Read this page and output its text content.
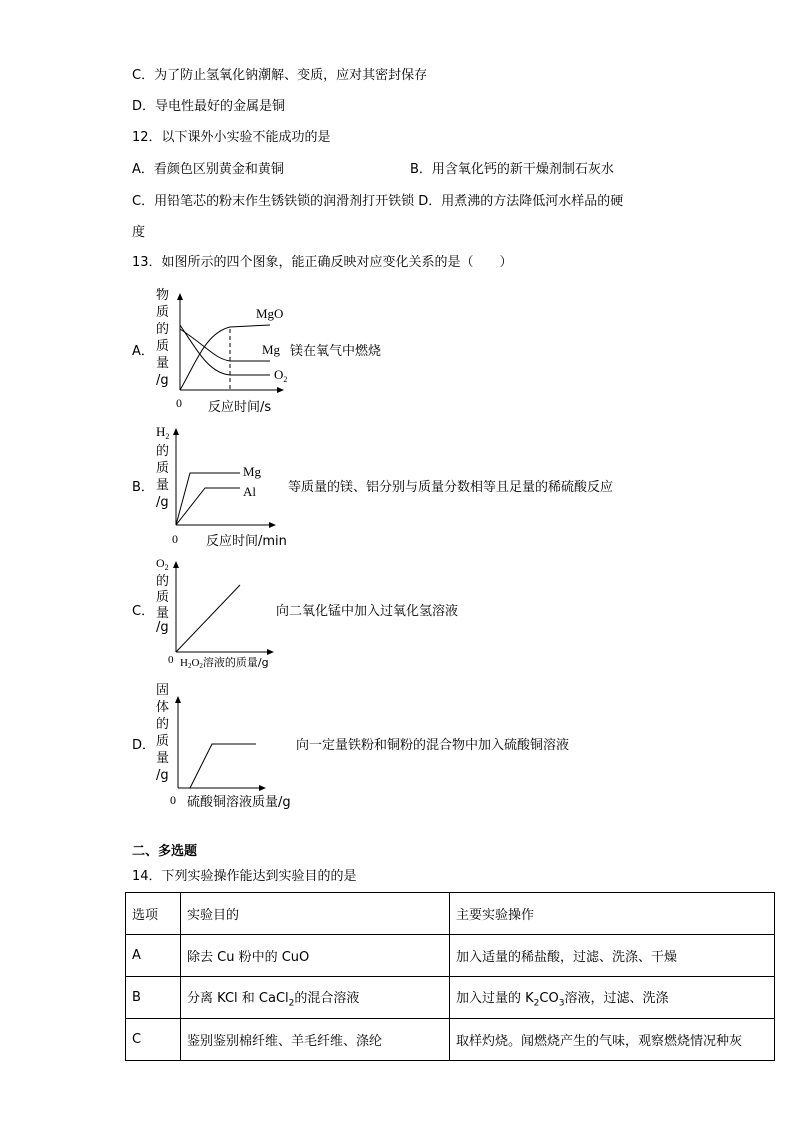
C．为了防止氢氧化钠潮解、变质，应对其密封保存
D．导电性最好的金属是铜
12．以下课外小实验不能成功的是
A．看颜色区别黄金和黄铜	B．用含氧化钙的新干燥剂制石灰水
C．用铅笔芯的粉末作生锈铁锁的润滑剂打开铁锁 D．用煮沸的方法降低河水样品的硬
度
13．如图所示的四个图象，能正确反映对应变化关系的是（　　）
A．
物
质
的
质
量
/g
MgO
Mg
$O_2$
0 反应时间/s
镁在氧气中燃烧
B．
$H_2$
的
质
量
/g
Mg
Al
0 反应时间/min
等质量的镁、铝分别与质量分数相等且足量的稀硫酸反应
C．
$O_2$
的
质
量
/g
0 H2O2溶液的质量/g
向二氧化锰中加入过氧化氢溶液
D．
固
体
的
质
量
/g
0 硫酸铜溶液质量/g
向一定量铁粉和铜粉的混合物中加入硫酸铜溶液
二、多选题
14．下列实验操作能达到实验目的的是
选项	实验目的	主要实验操作
A	除去 Cu 粉中的 CuO	加入适量的稀盐酸，过滤、洗涤、干燥
B	分离 KCl 和 CaCl$_2$的混合溶液	加入过量的 $K_2CO_3$溶液，过滤、洗涤
C	鉴别鉴别棉纤维、羊毛纤维、涤纶	取样灼烧。闻燃烧产生的气味，观察燃烧情况种灰
